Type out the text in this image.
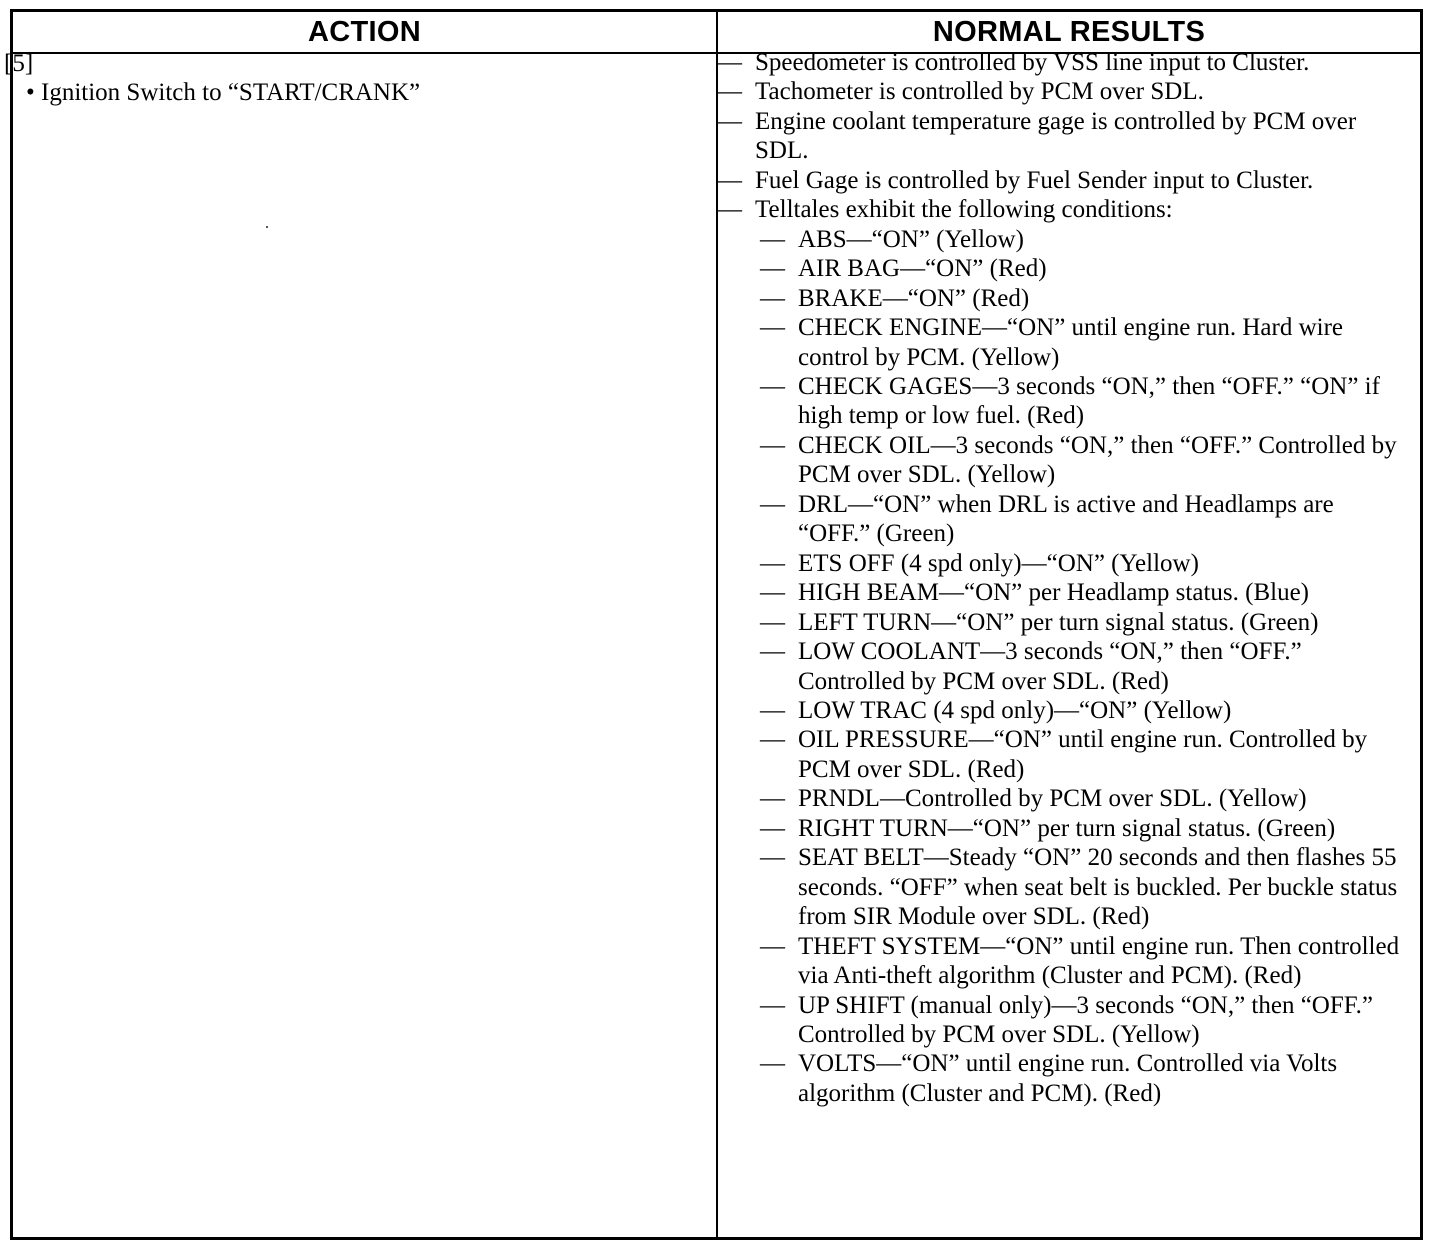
ACTION	NORMAL RESULTS
[5]
• Ignition Switch to “START/CRANK”
— Speedometer is controlled by VSS line input to Cluster.
— Tachometer is controlled by PCM over SDL.
— Engine coolant temperature gage is controlled by PCM over SDL.
— Fuel Gage is controlled by Fuel Sender input to Cluster.
— Telltales exhibit the following conditions:
— ABS—“ON” (Yellow)
— AIR BAG—“ON” (Red)
— BRAKE—“ON” (Red)
— CHECK ENGINE—“ON” until engine run. Hard wire control by PCM. (Yellow)
— CHECK GAGES—3 seconds “ON,” then “OFF.” “ON” if high temp or low fuel. (Red)
— CHECK OIL—3 seconds “ON,” then “OFF.” Controlled by PCM over SDL. (Yellow)
— DRL—“ON” when DRL is active and Headlamps are “OFF.” (Green)
— ETS OFF (4 spd only)—“ON” (Yellow)
— HIGH BEAM—“ON” per Headlamp status. (Blue)
— LEFT TURN—“ON” per turn signal status. (Green)
— LOW COOLANT—3 seconds “ON,” then “OFF.” Controlled by PCM over SDL. (Red)
— LOW TRAC (4 spd only)—“ON” (Yellow)
— OIL PRESSURE—“ON” until engine run. Controlled by PCM over SDL. (Red)
— PRNDL—Controlled by PCM over SDL. (Yellow)
— RIGHT TURN—“ON” per turn signal status. (Green)
— SEAT BELT—Steady “ON” 20 seconds and then flashes 55 seconds. “OFF” when seat belt is buckled. Per buckle status from SIR Module over SDL. (Red)
— THEFT SYSTEM—“ON” until engine run. Then controlled via Anti-theft algorithm (Cluster and PCM). (Red)
— UP SHIFT (manual only)—3 seconds “ON,” then “OFF.” Controlled by PCM over SDL. (Yellow)
— VOLTS—“ON” until engine run. Controlled via Volts algorithm (Cluster and PCM). (Red)
